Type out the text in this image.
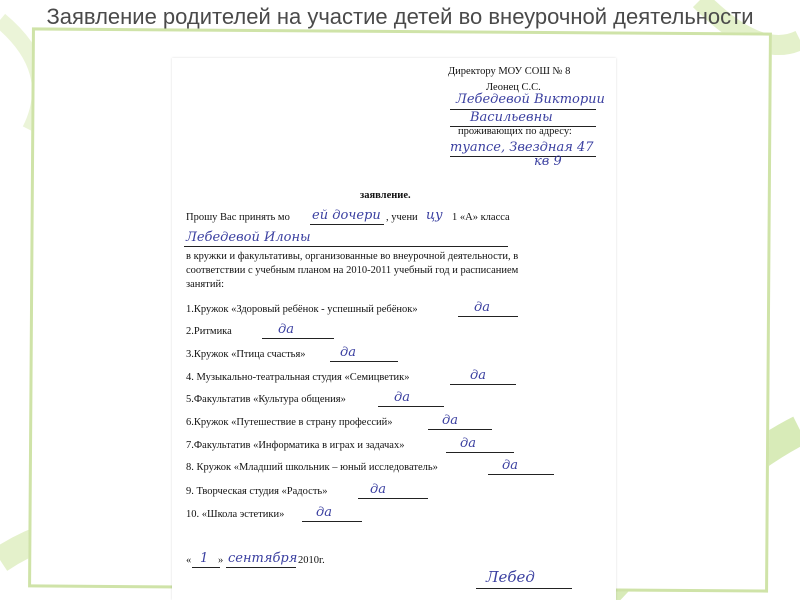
Заявление родителей на участие детей во внеурочной деятельности
Директору МОУ СОШ № 8
Леонец С.С.
Лебедевой Виктории
Васильевны
проживающих по адресу:
туапсе, Звездная 47
кв 9
заявление.
Прошу Вас принять мо ей дочери , учени цу 1 «А» класса
Лебедевой Илоны
в кружки и факультативы, организованные во внеурочной деятельности, в
соответствии с учебным планом на 2010-2011 учебный год и расписанием
занятий:
1.Кружок «Здоровый ребёнок - успешный ребёнок»	да
2.Ритмика	да
3.Кружок «Птица счастья»	да
4. Музыкально-театральная студия «Семицветик»	да
5.Факультатив «Культура общения»	да
6.Кружок «Путешествие в страну профессий»	да
7.Факультатив «Информатика в играх и задачах»	да
8. Кружок «Младший школьник – юный исследователь»	да
9. Творческая студия «Радость»	да
10. «Школа эстетики» да
« 1 » сентября 2010г.
Лебед
